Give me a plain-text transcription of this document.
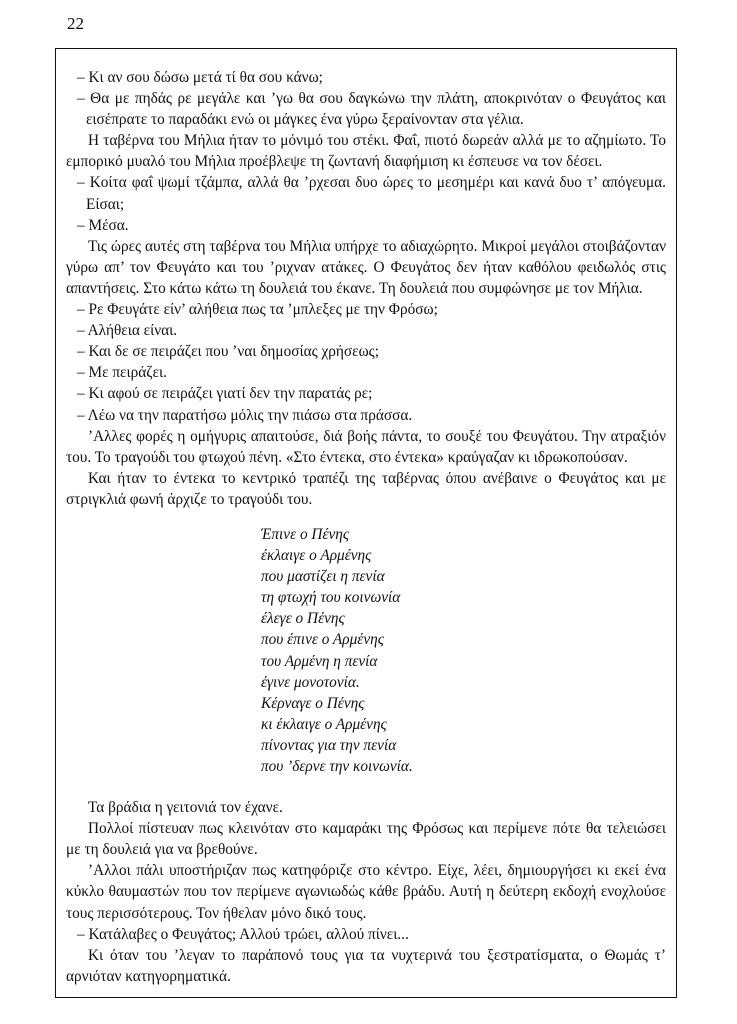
22

– Κι αν σου δώσω μετά τί θα σου κάνω;

– Θα με πηδάς ρε μεγάλε και ’γω θα σου δαγκώνω την πλάτη, αποκρινόταν ο Φευγάτος και εισέπρατε το παραδάκι ενώ οι μάγκες ένα γύρω ξεραίνονταν στα γέλια.

Η ταβέρνα του Μήλια ήταν το μόνιμό του στέκι. Φαΐ, πιοτό δωρεάν αλλά με το αζημίωτο. Το εμπορικό μυαλό του Μήλια προέβλεψε τη ζωντανή διαφήμιση κι έσπευσε να τον δέσει.

– Κοίτα φαΐ ψωμί τζάμπα, αλλά θα ’ρχεσαι δυο ώρες το μεσημέρι και κανά δυο τ’ απόγευμα. Είσαι;

– Μέσα.

Τις ώρες αυτές στη ταβέρνα του Μήλια υπήρχε το αδιαχώρητο. Μικροί μεγάλοι στοιβάζονταν γύρω απ’ τον Φευγάτο και του ’ριχναν ατάκες. Ο Φευγάτος δεν ήταν καθόλου φειδωλός στις απαντήσεις. Στο κάτω κάτω τη δουλειά του έκανε. Τη δουλειά που συμφώνησε με τον Μήλια.

– Ρε Φευγάτε είν’ αλήθεια πως τα ’μπλεξες με την Φρόσω;

– Αλήθεια είναι.

– Και δε σε πειράζει που ’ναι δημοσίας χρήσεως;

– Με πειράζει.

– Κι αφού σε πειράζει γιατί δεν την παρατάς ρε;

– Λέω να την παρατήσω μόλις την πιάσω στα πράσσα.

’Αλλες φορές η ομήγυρις απαιτούσε, διά βοής πάντα, το σουξέ του Φευγάτου. Την ατραξιόν του. Το τραγούδι του φτωχού πένη. «Στο έντεκα, στο έντεκα» κραύγαζαν κι ιδρωκοπούσαν.

Και ήταν το έντεκα το κεντρικό τραπέζι της ταβέρνας όπου ανέβαινε ο Φευγάτος και με στριγκλιά φωνή άρχιζε το τραγούδι του.

Έπινε ο Πένης
έκλαιγε ο Αρμένης
που μαστίζει η πενία
τη φτωχή του κοινωνία
έλεγε ο Πένης
που έπινε ο Αρμένης
του Αρμένη η πενία
έγινε μονοτονία.
Κέρναγε ο Πένης
κι έκλαιγε ο Αρμένης
πίνοντας για την πενία
που ’δερνε την κοινωνία.

Τα βράδια η γειτονιά τον έχανε.

Πολλοί πίστευαν πως κλεινόταν στο καμαράκι της Φρόσως και περίμενε πότε θα τελειώσει με τη δουλειά για να βρεθούνε.

’Αλλοι πάλι υποστήριζαν πως κατηφόριζε στο κέντρο. Είχε, λέει, δημιουργήσει κι εκεί ένα κύκλο θαυμαστών που τον περίμενε αγωνιωδώς κάθε βράδυ. Αυτή η δεύτερη εκδοχή ενοχλούσε τους περισσότερους. Τον ήθελαν μόνο δικό τους.

– Κατάλαβες ο Φευγάτος; Αλλού τρώει, αλλού πίνει...

Κι όταν του ’λεγαν το παράπονό τους για τα νυχτερινά του ξεστρατίσματα, ο Θωμάς τ’ αρνιόταν κατηγορηματικά.
